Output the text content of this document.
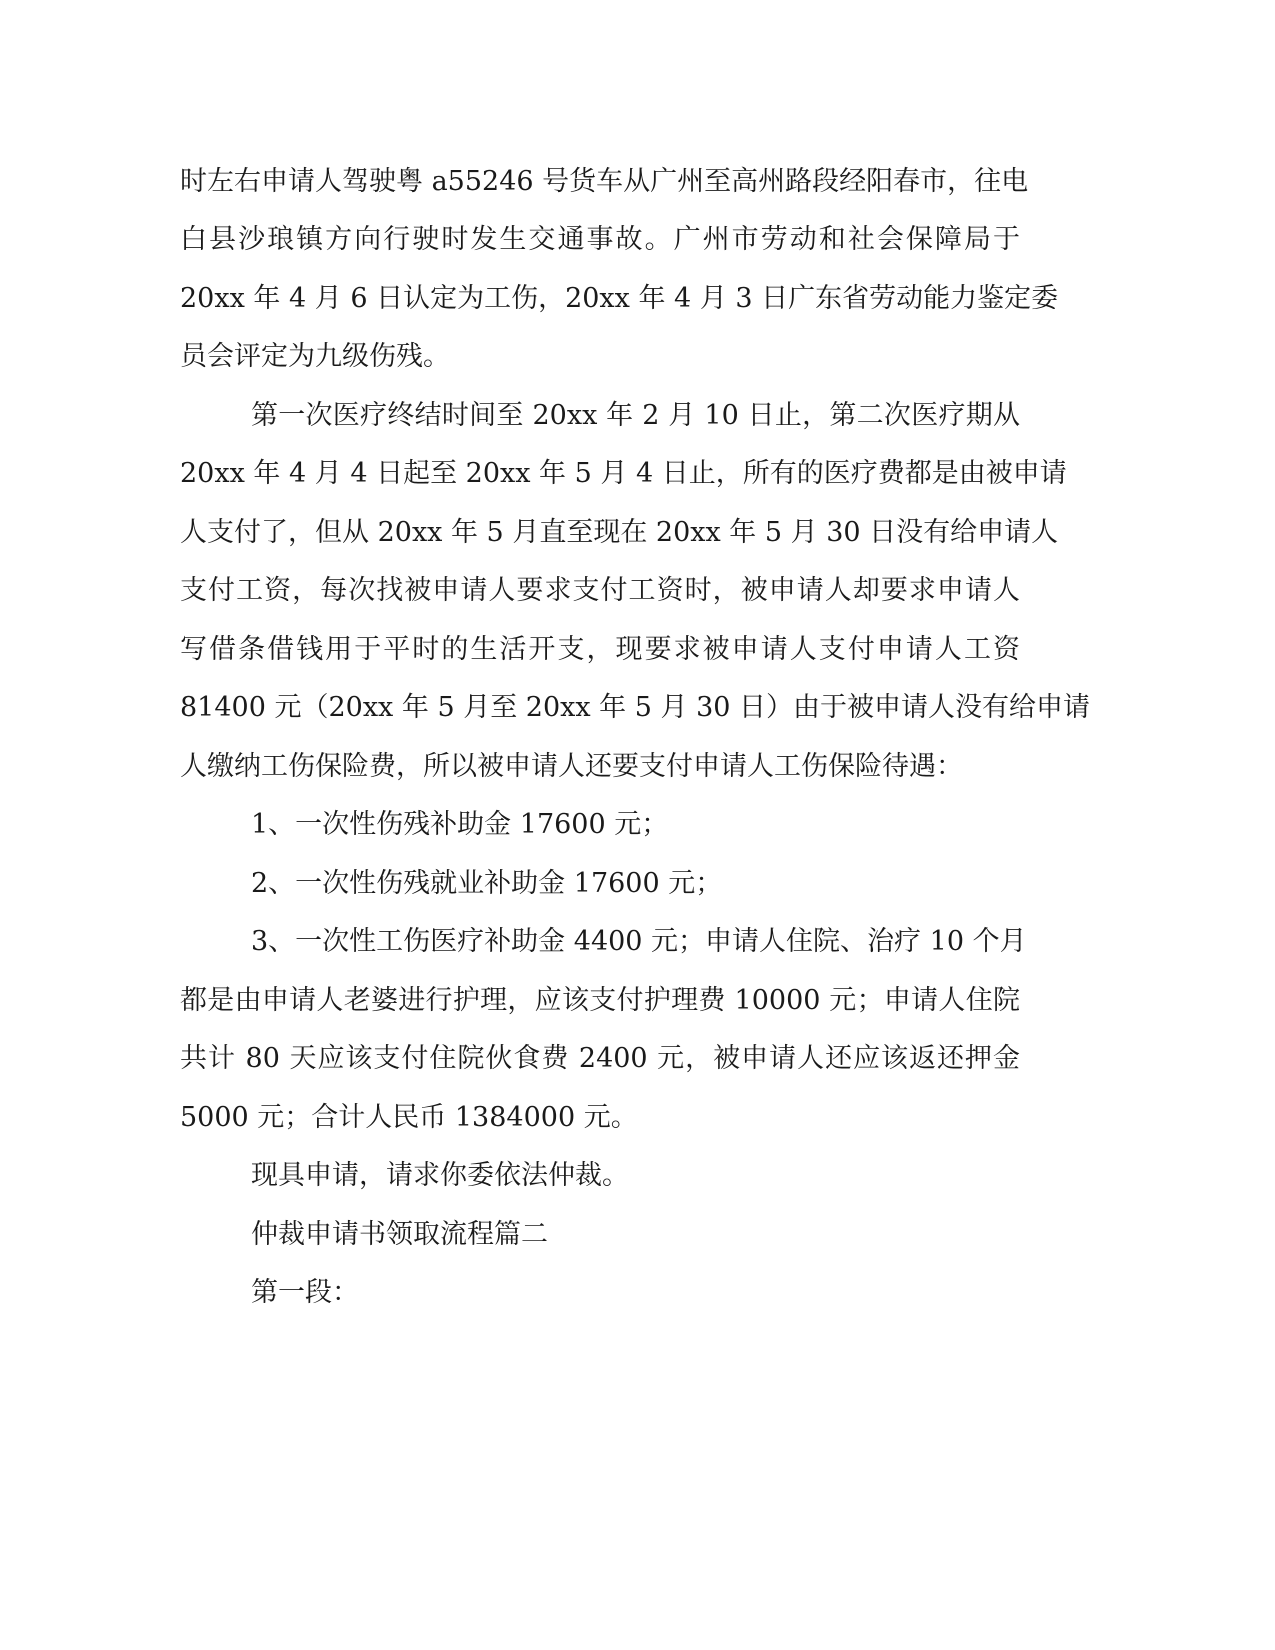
时左右申请人驾驶粤 a55246 号货车从广州至高州路段经阳春市，往电
白县沙琅镇方向行驶时发生交通事故。广州市劳动和社会保障局于
20xx 年 4 月 6 日认定为工伤，20xx 年 4 月 3 日广东省劳动能力鉴定委
员会评定为九级伤残。
第一次医疗终结时间至 20xx 年 2 月 10 日止，第二次医疗期从
20xx 年 4 月 4 日起至 20xx 年 5 月 4 日止，所有的医疗费都是由被申请
人支付了，但从 20xx 年 5 月直至现在 20xx 年 5 月 30 日没有给申请人
支付工资，每次找被申请人要求支付工资时，被申请人却要求申请人
写借条借钱用于平时的生活开支，现要求被申请人支付申请人工资
81400 元（20xx 年 5 月至 20xx 年 5 月 30 日）由于被申请人没有给申请
人缴纳工伤保险费，所以被申请人还要支付申请人工伤保险待遇：
1、一次性伤残补助金 17600 元；
2、一次性伤残就业补助金 17600 元；
3、一次性工伤医疗补助金 4400 元；申请人住院、治疗 10 个月
都是由申请人老婆进行护理，应该支付护理费 10000 元；申请人住院
共计 80 天应该支付住院伙食费 2400 元，被申请人还应该返还押金
5000 元；合计人民币 1384000 元。
现具申请，请求你委依法仲裁。
仲裁申请书领取流程篇二
第一段：
